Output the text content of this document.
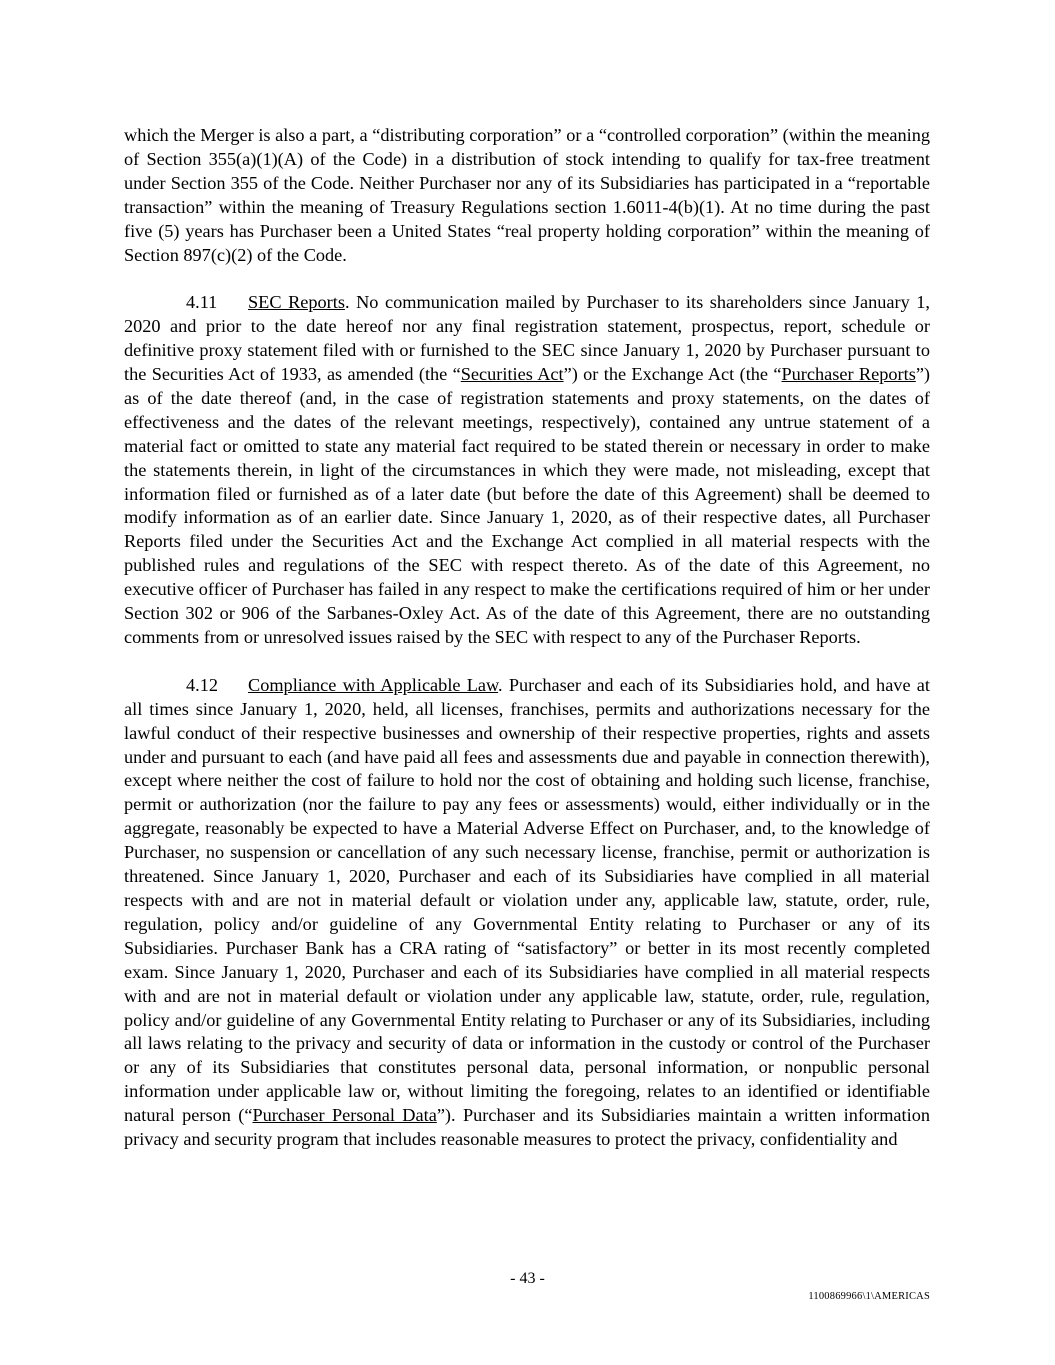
which the Merger is also a part, a “distributing corporation” or a “controlled corporation” (within the meaning of Section 355(a)(1)(A) of the Code) in a distribution of stock intending to qualify for tax-free treatment under Section 355 of the Code. Neither Purchaser nor any of its Subsidiaries has participated in a “reportable transaction” within the meaning of Treasury Regulations section 1.6011-4(b)(1). At no time during the past five (5) years has Purchaser been a United States “real property holding corporation” within the meaning of Section 897(c)(2) of the Code.

4.11 SEC Reports. No communication mailed by Purchaser to its shareholders since January 1, 2020 and prior to the date hereof nor any final registration statement, prospectus, report, schedule or definitive proxy statement filed with or furnished to the SEC since January 1, 2020 by Purchaser pursuant to the Securities Act of 1933, as amended (the “Securities Act”) or the Exchange Act (the “Purchaser Reports”) as of the date thereof (and, in the case of registration statements and proxy statements, on the dates of effectiveness and the dates of the relevant meetings, respectively), contained any untrue statement of a material fact or omitted to state any material fact required to be stated therein or necessary in order to make the statements therein, in light of the circumstances in which they were made, not misleading, except that information filed or furnished as of a later date (but before the date of this Agreement) shall be deemed to modify information as of an earlier date. Since January 1, 2020, as of their respective dates, all Purchaser Reports filed under the Securities Act and the Exchange Act complied in all material respects with the published rules and regulations of the SEC with respect thereto. As of the date of this Agreement, no executive officer of Purchaser has failed in any respect to make the certifications required of him or her under Section 302 or 906 of the Sarbanes-Oxley Act. As of the date of this Agreement, there are no outstanding comments from or unresolved issues raised by the SEC with respect to any of the Purchaser Reports.

4.12 Compliance with Applicable Law. Purchaser and each of its Subsidiaries hold, and have at all times since January 1, 2020, held, all licenses, franchises, permits and authorizations necessary for the lawful conduct of their respective businesses and ownership of their respective properties, rights and assets under and pursuant to each (and have paid all fees and assessments due and payable in connection therewith), except where neither the cost of failure to hold nor the cost of obtaining and holding such license, franchise, permit or authorization (nor the failure to pay any fees or assessments) would, either individually or in the aggregate, reasonably be expected to have a Material Adverse Effect on Purchaser, and, to the knowledge of Purchaser, no suspension or cancellation of any such necessary license, franchise, permit or authorization is threatened. Since January 1, 2020, Purchaser and each of its Subsidiaries have complied in all material respects with and are not in material default or violation under any, applicable law, statute, order, rule, regulation, policy and/or guideline of any Governmental Entity relating to Purchaser or any of its Subsidiaries. Purchaser Bank has a CRA rating of “satisfactory” or better in its most recently completed exam. Since January 1, 2020, Purchaser and each of its Subsidiaries have complied in all material respects with and are not in material default or violation under any applicable law, statute, order, rule, regulation, policy and/or guideline of any Governmental Entity relating to Purchaser or any of its Subsidiaries, including all laws relating to the privacy and security of data or information in the custody or control of the Purchaser or any of its Subsidiaries that constitutes personal data, personal information, or nonpublic personal information under applicable law or, without limiting the foregoing, relates to an identified or identifiable natural person (“Purchaser Personal Data”). Purchaser and its Subsidiaries maintain a written information privacy and security program that includes reasonable measures to protect the privacy, confidentiality and

- 43 -
1100869966\1\AMERICAS
